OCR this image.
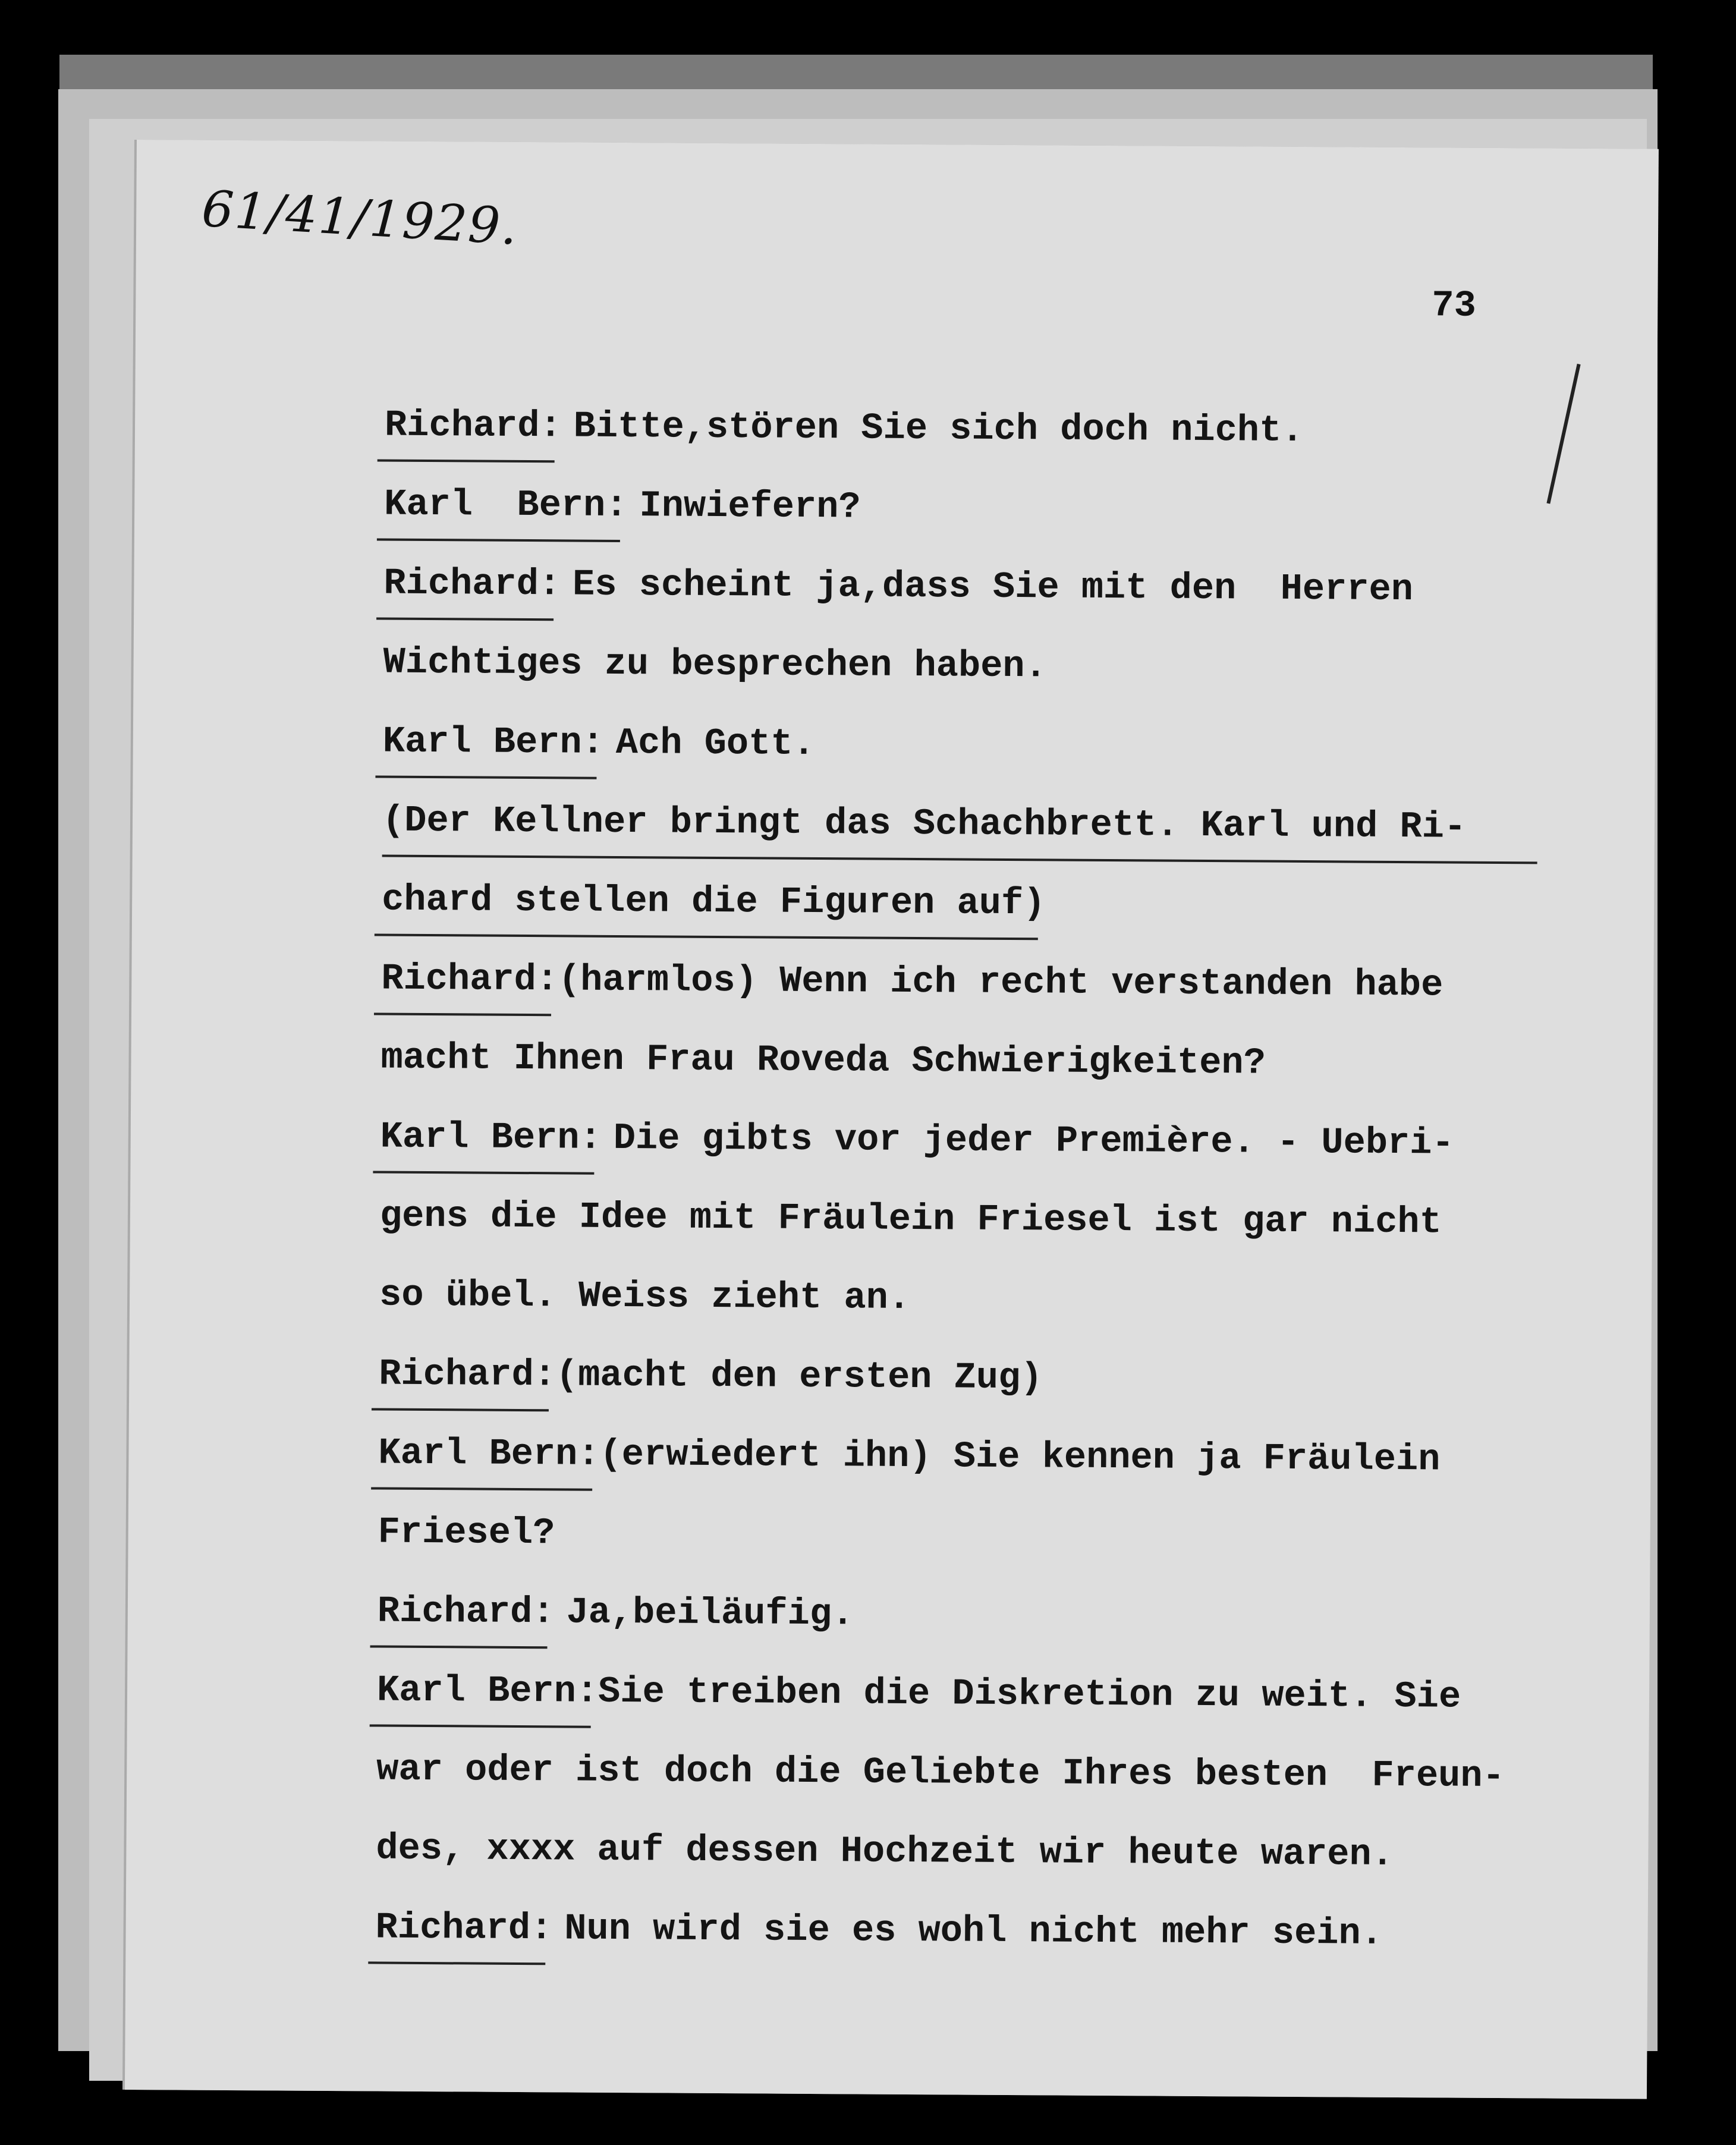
61/41/1929.
73
Richard: Bitte,stören Sie sich doch nicht.
Karl  Bern: Inwiefern?
Richard: Es scheint ja,dass Sie mit den  Herren
Wichtiges zu besprechen haben.
Karl Bern: Ach Gott.
(Der Kellner bringt das Schachbrett. Karl und Ri-
chard stellen die Figuren auf)
Richard: (harmlos) Wenn ich recht verstanden habe
macht Ihnen Frau Roveda Schwierigkeiten?
Karl Bern: Die gibts vor jeder Première. - Uebri-
gens die Idee mit Fräulein Friesel ist gar nicht
so übel. Weiss zieht an.
Richard: (macht den ersten Zug)
Karl Bern: (erwiedert ihn) Sie kennen ja Fräulein
Friesel?
Richard: Ja,beiläufig.
Karl Bern: Sie treiben die Diskretion zu weit. Sie
war oder ist doch die Geliebte Ihres besten  Freun-
des, xxxx auf dessen Hochzeit wir heute waren.
Richard: Nun wird sie es wohl nicht mehr sein.
